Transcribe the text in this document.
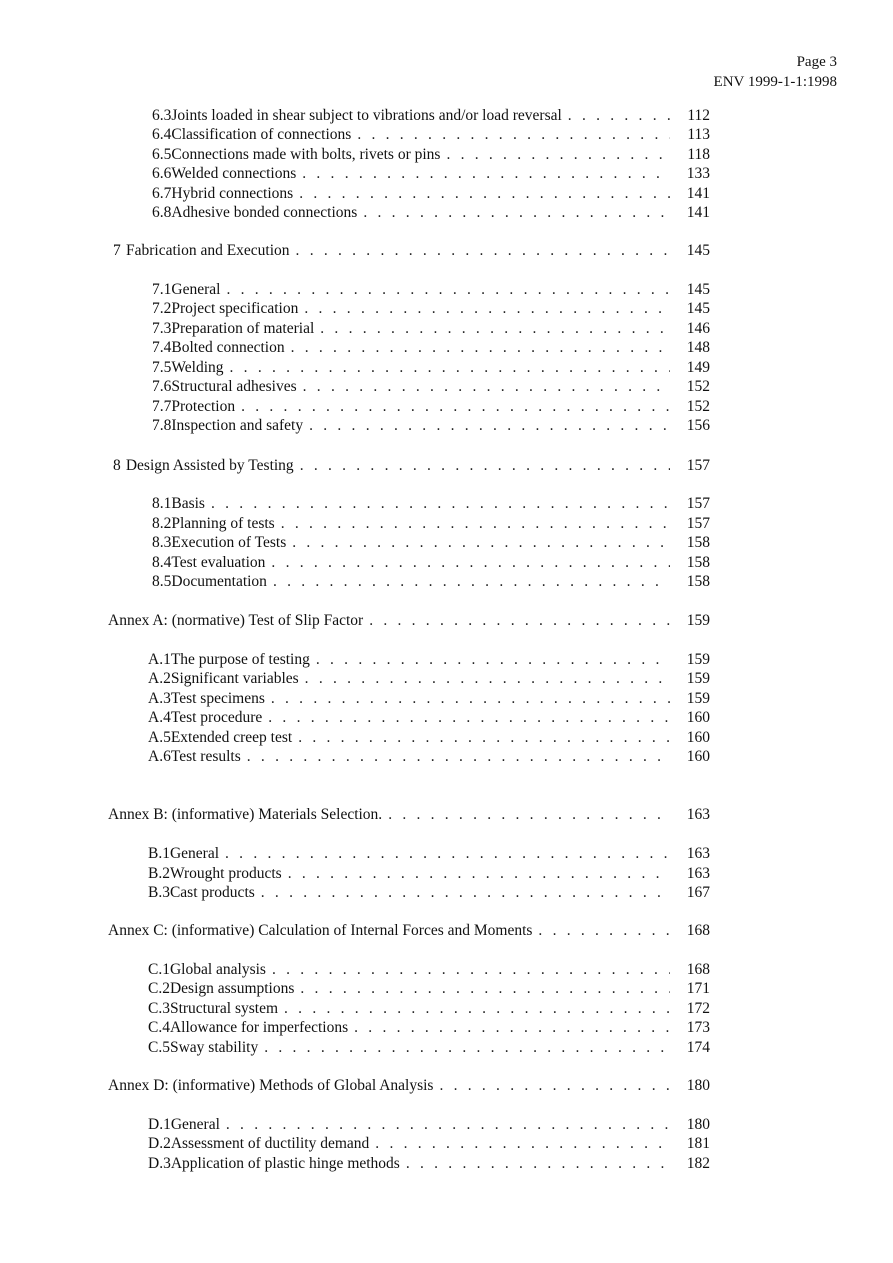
Page 3
ENV 1999-1-1:1998
6.3 Joints loaded in shear subject to vibrations and/or load reversal . . .	112
6.4 Classification of connections . . .	113
6.5 Connections made with bolts, rivets or pins . . .	118
6.6 Welded connections . . .	133
6.7 Hybrid connections . . .	141
6.8 Adhesive bonded connections . . .	141
7 Fabrication and Execution . . .	145
7.1 General . . .	145
7.2 Project specification . . .	145
7.3 Preparation of material . . .	146
7.4 Bolted connection . . .	148
7.5 Welding . . .	149
7.6 Structural adhesives . . .	152
7.7 Protection . . .	152
7.8 Inspection and safety . . .	156
8 Design Assisted by Testing . . .	157
8.1 Basis . . .	157
8.2 Planning of tests . . .	157
8.3 Execution of Tests . . .	158
8.4 Test evaluation . . .	158
8.5 Documentation . . .	158
Annex A: (normative) Test of Slip Factor . . .	159
A.1 The purpose of testing . . .	159
A.2 Significant variables . . .	159
A.3 Test specimens . . .	159
A.4 Test procedure . . .	160
A.5 Extended creep test . . .	160
A.6 Test results . . .	160
Annex B: (informative) Materials Selection. . . .	163
B.1 General . . .	163
B.2 Wrought products . . .	163
B.3 Cast products . . .	167
Annex C: (informative) Calculation of Internal Forces and Moments . . .	168
C.1 Global analysis . . .	168
C.2 Design assumptions . . .	171
C.3 Structural system . . .	172
C.4 Allowance for imperfections . . .	173
C.5 Sway stability . . .	174
Annex D: (informative) Methods of Global Analysis . . .	180
D.1 General . . .	180
D.2 Assessment of ductility demand . . .	181
D.3 Application of plastic hinge methods . . .	182
